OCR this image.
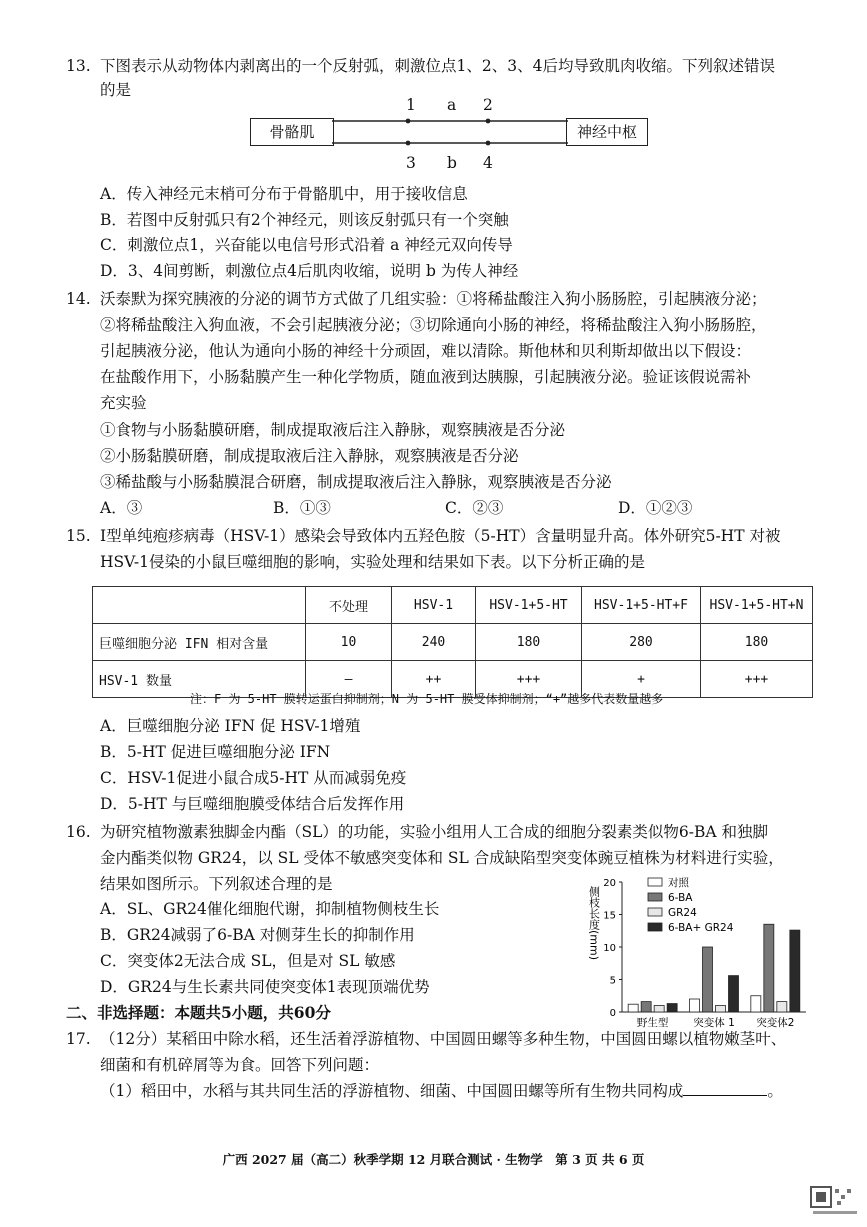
13. 下图表示从动物体内剥离出的一个反射弧，刺激位点1、2、3、4后均导致肌肉收缩。下列叙述错误
的是
1 a 2
骨骼肌	神经中枢
3 b 4
A．传入神经元末梢可分布于骨骼肌中，用于接收信息
B．若图中反射弧只有2个神经元，则该反射弧只有一个突触
C．刺激位点1，兴奋能以电信号形式沿着 a 神经元双向传导
D．3、4间剪断，刺激位点4后肌肉收缩，说明 b 为传人神经
14. 沃泰默为探究胰液的分泌的调节方式做了几组实验：①将稀盐酸注入狗小肠肠腔，引起胰液分泌；
②将稀盐酸注入狗血液，不会引起胰液分泌；③切除通向小肠的神经，将稀盐酸注入狗小肠肠腔，
引起胰液分泌，他认为通向小肠的神经十分顽固，难以清除。斯他林和贝利斯却做出以下假设：
在盐酸作用下，小肠黏膜产生一种化学物质，随血液到达胰腺，引起胰液分泌。验证该假说需补
充实验
①食物与小肠黏膜研磨，制成提取液后注入静脉，观察胰液是否分泌
②小肠黏膜研磨，制成提取液后注入静脉，观察胰液是否分泌
③稀盐酸与小肠黏膜混合研磨，制成提取液后注入静脉，观察胰液是否分泌
A．③	B．①③	C．②③	D．①②③
15. Ⅰ型单纯疱疹病毒（HSV-1）感染会导致体内五羟色胺（5-HT）含量明显升高。体外研究5-HT 对被
HSV-1侵染的小鼠巨噬细胞的影响，实验处理和结果如下表。以下分析正确的是
	不处理	HSV-1	HSV-1+5-HT	HSV-1+5-HT+F	HSV-1+5-HT+N
巨噬细胞分泌 IFN 相对含量	10	240	180	280	180
HSV-1 数量	–	++	+++	+	+++
注：F 为 5-HT 膜转运蛋白抑制剂；N 为 5-HT 膜受体抑制剂；“+”越多代表数量越多
A．巨噬细胞分泌 IFN 促 HSV-1增殖
B．5-HT 促进巨噬细胞分泌 IFN
C．HSV-1促进小鼠合成5-HT 从而减弱免疫
D．5-HT 与巨噬细胞膜受体结合后发挥作用
16. 为研究植物激素独脚金内酯（SL）的功能，实验小组用人工合成的细胞分裂素类似物6-BA 和独脚
金内酯类似物 GR24，以 SL 受体不敏感突变体和 SL 合成缺陷型突变体豌豆植株为材料进行实验，
结果如图所示。下列叙述合理的是
A．SL、GR24催化细胞代谢，抑制植物侧枝生长
B．GR24减弱了6-BA 对侧芽生长的抑制作用
C．突变体2无法合成 SL，但是对 SL 敏感
D．GR24与生长素共同使突变体1表现顶端优势
侧枝长度(mm)
0
5
10
15
20
野生型 突变体 1 突变体2
对照
6-BA
GR24
6-BA+ GR24
二、非选择题：本题共5小题，共60分
17. （12分）某稻田中除水稻，还生活着浮游植物、中国圆田螺等多种生物，中国圆田螺以植物嫩茎叶、
细菌和有机碎屑等为食。回答下列问题：
（1）稻田中，水稻与其共同生活的浮游植物、细菌、中国圆田螺等所有生物共同构成	。
广西 2027 届（高二）秋季学期 12 月联合测试 · 生物学　第 3 页 共 6 页
